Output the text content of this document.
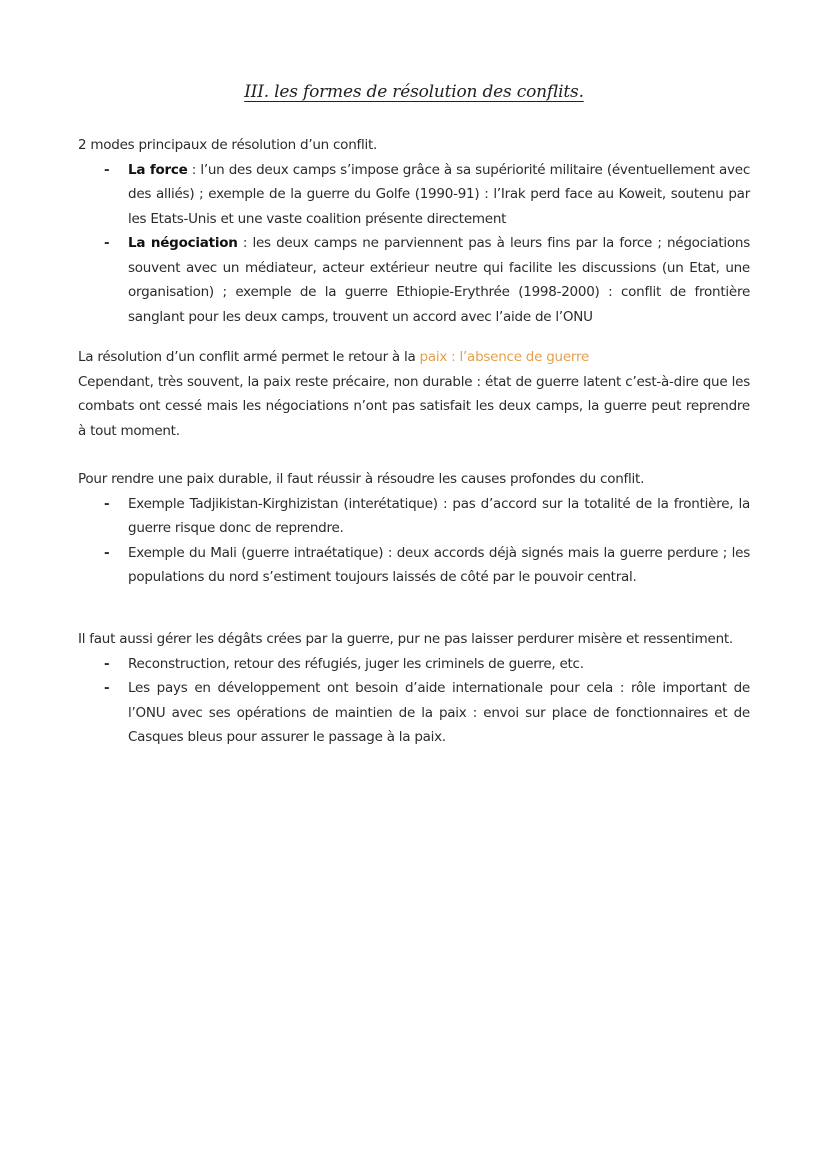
III. les formes de résolution des conflits.

2 modes principaux de résolution d’un conflit.

- La force : l’un des deux camps s’impose grâce à sa supériorité militaire (éventuellement avec des alliés) ; exemple de la guerre du Golfe (1990-91) : l’Irak perd face au Koweit, soutenu par les Etats-Unis et une vaste coalition présente directement
- La négociation : les deux camps ne parviennent pas à leurs fins par la force ; négociations souvent avec un médiateur, acteur extérieur neutre qui facilite les discussions (un Etat, une organisation) ; exemple de la guerre Ethiopie-Erythrée (1998-2000) : conflit de frontière sanglant pour les deux camps, trouvent un accord avec l’aide de l’ONU

La résolution d’un conflit armé permet le retour à la paix : l’absence de guerre

Cependant, très souvent, la paix reste précaire, non durable : état de guerre latent c’est-à-dire que les combats ont cessé mais les négociations n’ont pas satisfait les deux camps, la guerre peut reprendre à tout moment.

Pour rendre une paix durable, il faut réussir à résoudre les causes profondes du conflit.

- Exemple Tadjikistan-Kirghizistan (interétatique) : pas d’accord sur la totalité de la frontière, la guerre risque donc de reprendre.
- Exemple du Mali (guerre intraétatique) : deux accords déjà signés mais la guerre perdure ; les populations du nord s’estiment toujours laissés de côté par le pouvoir central.

Il faut aussi gérer les dégâts crées par la guerre, pur ne pas laisser perdurer misère et ressentiment.

- Reconstruction, retour des réfugiés, juger les criminels de guerre, etc.
- Les pays en développement ont besoin d’aide internationale pour cela : rôle important de l’ONU avec ses opérations de maintien de la paix : envoi sur place de fonctionnaires et de Casques bleus pour assurer le passage à la paix.
